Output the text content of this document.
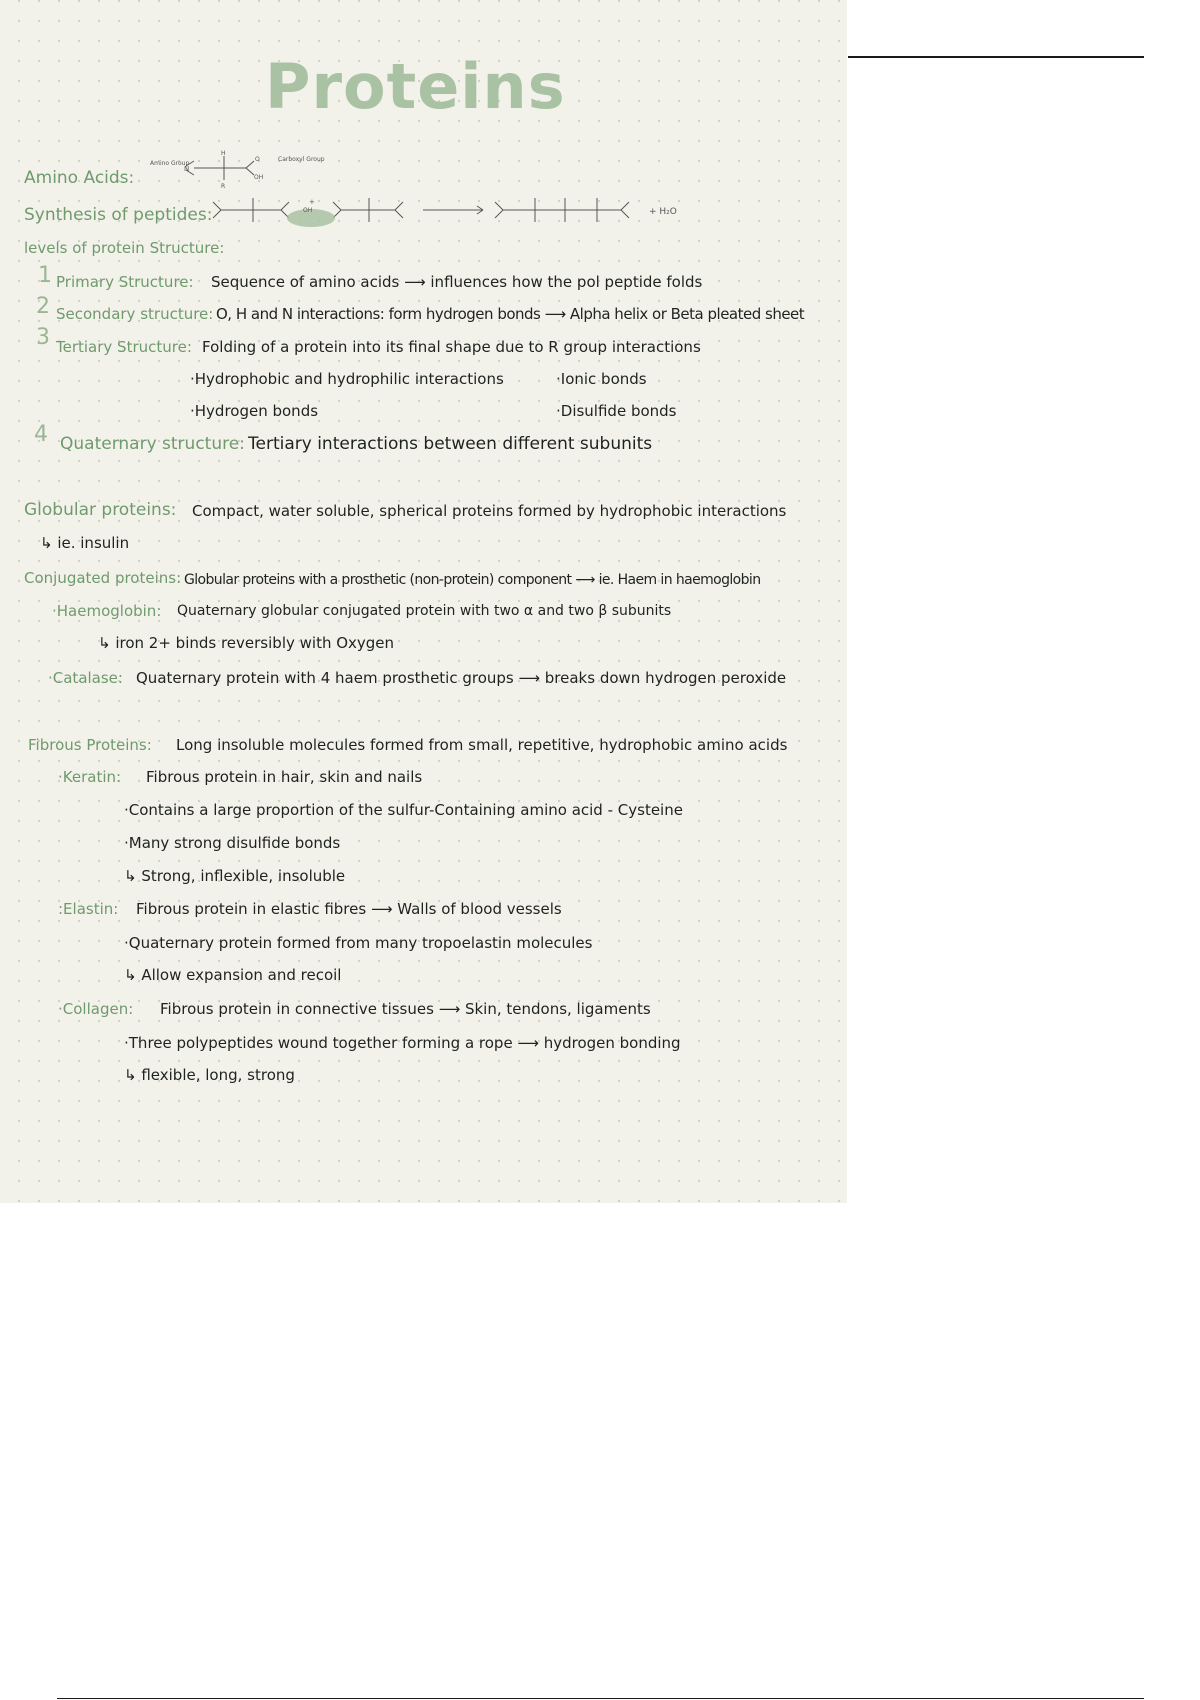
Proteins
Amino Acids:
Amino Group
N
H
R
O
OH
Carboxyl Group
Synthesis of peptides:	OH
+
+ H₂O
levels of protein Structure:
1 Primary Structure: Sequence of amino acids ⟶ influences how the pol peptide folds
2 Secondary structure: O, H and N interactions: form hydrogen bonds ⟶ Alpha helix or Beta pleated sheet
3 Tertiary Structure: Folding of a protein into its final shape due to R group interactions
·Hydrophobic and hydrophilic interactions	·Ionic bonds
·Hydrogen bonds	·Disulfide bonds
4 Quaternary structure: Tertiary interactions between different subunits
Globular proteins: Compact, water soluble, spherical proteins formed by hydrophobic interactions
↳ ie. insulin
Conjugated proteins: Globular proteins with a prosthetic (non-protein) component ⟶ ie. Haem in haemoglobin
·Haemoglobin: Quaternary globular conjugated protein with two α and two β subunits
↳ iron 2+ binds reversibly with Oxygen
·Catalase: Quaternary protein with 4 haem prosthetic groups ⟶ breaks down hydrogen peroxide
Fibrous Proteins: Long insoluble molecules formed from small, repetitive, hydrophobic amino acids
·Keratin: Fibrous protein in hair, skin and nails
·Contains a large proportion of the sulfur-Containing amino acid - Cysteine
·Many strong disulfide bonds
↳ Strong, inflexible, insoluble
:Elastin: Fibrous protein in elastic fibres ⟶ Walls of blood vessels
·Quaternary protein formed from many tropoelastin molecules
↳ Allow expansion and recoil
·Collagen: Fibrous protein in connective tissues ⟶ Skin, tendons, ligaments
·Three polypeptides wound together forming a rope ⟶ hydrogen bonding
↳ flexible, long, strong
